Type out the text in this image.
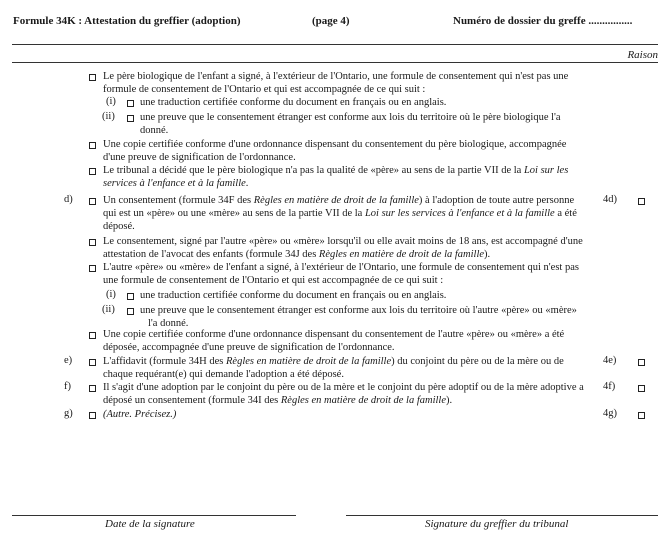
Formule 34K : Attestation du greffier (adoption)	(page 4)	Numéro de dossier du greffe ................
Raison
Le père biologique de l'enfant a signé, à l'extérieur de l'Ontario, une formule de consentement qui n'est pas une
formule de consentement de l'Ontario et qui est accompagnée de ce qui suit :
(i) une traduction certifiée conforme du document en français ou en anglais.
(ii) une preuve que le consentement étranger est conforme aux lois du territoire où le père biologique l'a
donné.
Une copie certifiée conforme d'une ordonnance dispensant du consentement du père biologique, accompagnée
d'une preuve de signification de l'ordonnance.
Le tribunal a décidé que le père biologique n'a pas la qualité de «père» au sens de la partie VII de la Loi sur les
services à l'enfance et à la famille.
d)	Un consentement (formule 34F des Règles en matière de droit de la famille) à l'adoption de toute autre personne
qui est un «père» ou une «mère» au sens de la partie VII de la Loi sur les services à l'enfance et à la famille a été
déposé.
4d)
Le consentement, signé par l'autre «père» ou «mère» lorsqu'il ou elle avait moins de 18 ans, est accompagné d'une
attestation de l'avocat des enfants (formule 34J des Règles en matière de droit de la famille).
L'autre «père» ou «mère» de l'enfant a signé, à l'extérieur de l'Ontario, une formule de consentement qui n'est pas
une formule de consentement de l'Ontario et qui est accompagnée de ce qui suit :
(i) une traduction certifiée conforme du document en français ou en anglais.
(ii) une preuve que le consentement étranger est conforme aux lois du territoire où l'autre «père» ou «mère»
l'a donné.
Une copie certifiée conforme d'une ordonnance dispensant du consentement de l'autre «père» ou «mère» a été
déposée, accompagnée d'une preuve de signification de l'ordonnance.
e)	L'affidavit (formule 34H des Règles en matière de droit de la famille) du conjoint du père ou de la mère ou de
chaque requérant(e) qui demande l'adoption a été déposé.
4e)
f)	Il s'agit d'une adoption par le conjoint du père ou de la mère et le conjoint du père adoptif ou de la mère adoptive a
déposé un consentement (formule 34I des Règles en matière de droit de la famille).
4f)
g)	(Autre. Précisez.)	4g)
Date de la signature	Signature du greffier du tribunal
